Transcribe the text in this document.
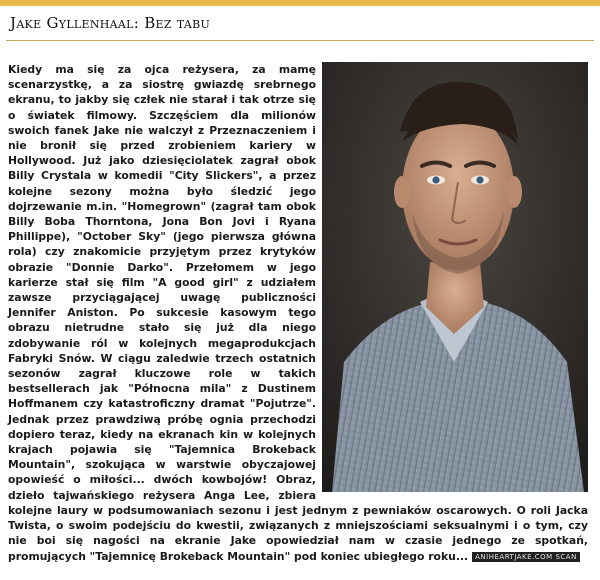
Jake Gyllenhaal: Bez tabu
Kiedy ma się za ojca reżysera, za mamę scenarzystkę, a za siostrę gwiazdę srebrnego ekranu, to jakby się człek nie starał i tak otrze się o światek filmowy. Szczęściem dla milionów swoich fanek Jake nie walczył z Przeznaczeniem i nie bronił się przed zrobieniem kariery w Hollywood. Już jako dziesięciolatek zagrał obok Billy Crystala w komedii "City Slickers", a przez kolejne sezony można było śledzić jego dojrzewanie m.in. "Homegrown" (zagrał tam obok Billy Boba Thorntona, Jona Bon Jovi i Ryana Phillippe), "October Sky" (jego pierwsza główna rola) czy znakomicie przyjętym przez krytyków obrazie "Donnie Darko". Przełomem w jego karierze stał się film "A good girl" z udziałem zawsze przyciągającej uwagę publiczności Jennifer Aniston. Po sukcesie kasowym tego obrazu nietrudne stało się już dla niego zdobywanie ról w kolejnych megaprodukcjach Fabryki Snów. W ciągu zaledwie trzech ostatnich sezonów zagrał kluczowe role w takich bestsellerach jak "Północna mila" z Dustinem Hoffmanem czy katastroficzny dramat "Pojutrze". Jednak przez prawdziwą próbę ognia przechodzi dopiero teraz, kiedy na ekranach kin w kolejnych krajach pojawia się "Tajemnica Brokeback Mountain", szokująca w warstwie obyczajowej opowieść o miłości... dwóch kowbojów! Obraz, dzieło tajwańskiego reżysera Anga Lee, zbiera kolejne laury w podsumowaniach sezonu i jest jednym z pewniaków oscarowych. O roli Jacka Twista, o swoim podejściu do kwestii, związanych z mniejszościami seksualnymi i o tym, czy nie boi się nagości na ekranie Jake opowiedział nam w czasie jednego ze spotkań, promujących "Tajemnicę Brokeback Mountain" pod koniec ubiegłego roku... ANIHEARTJAKE.COM SCAN
